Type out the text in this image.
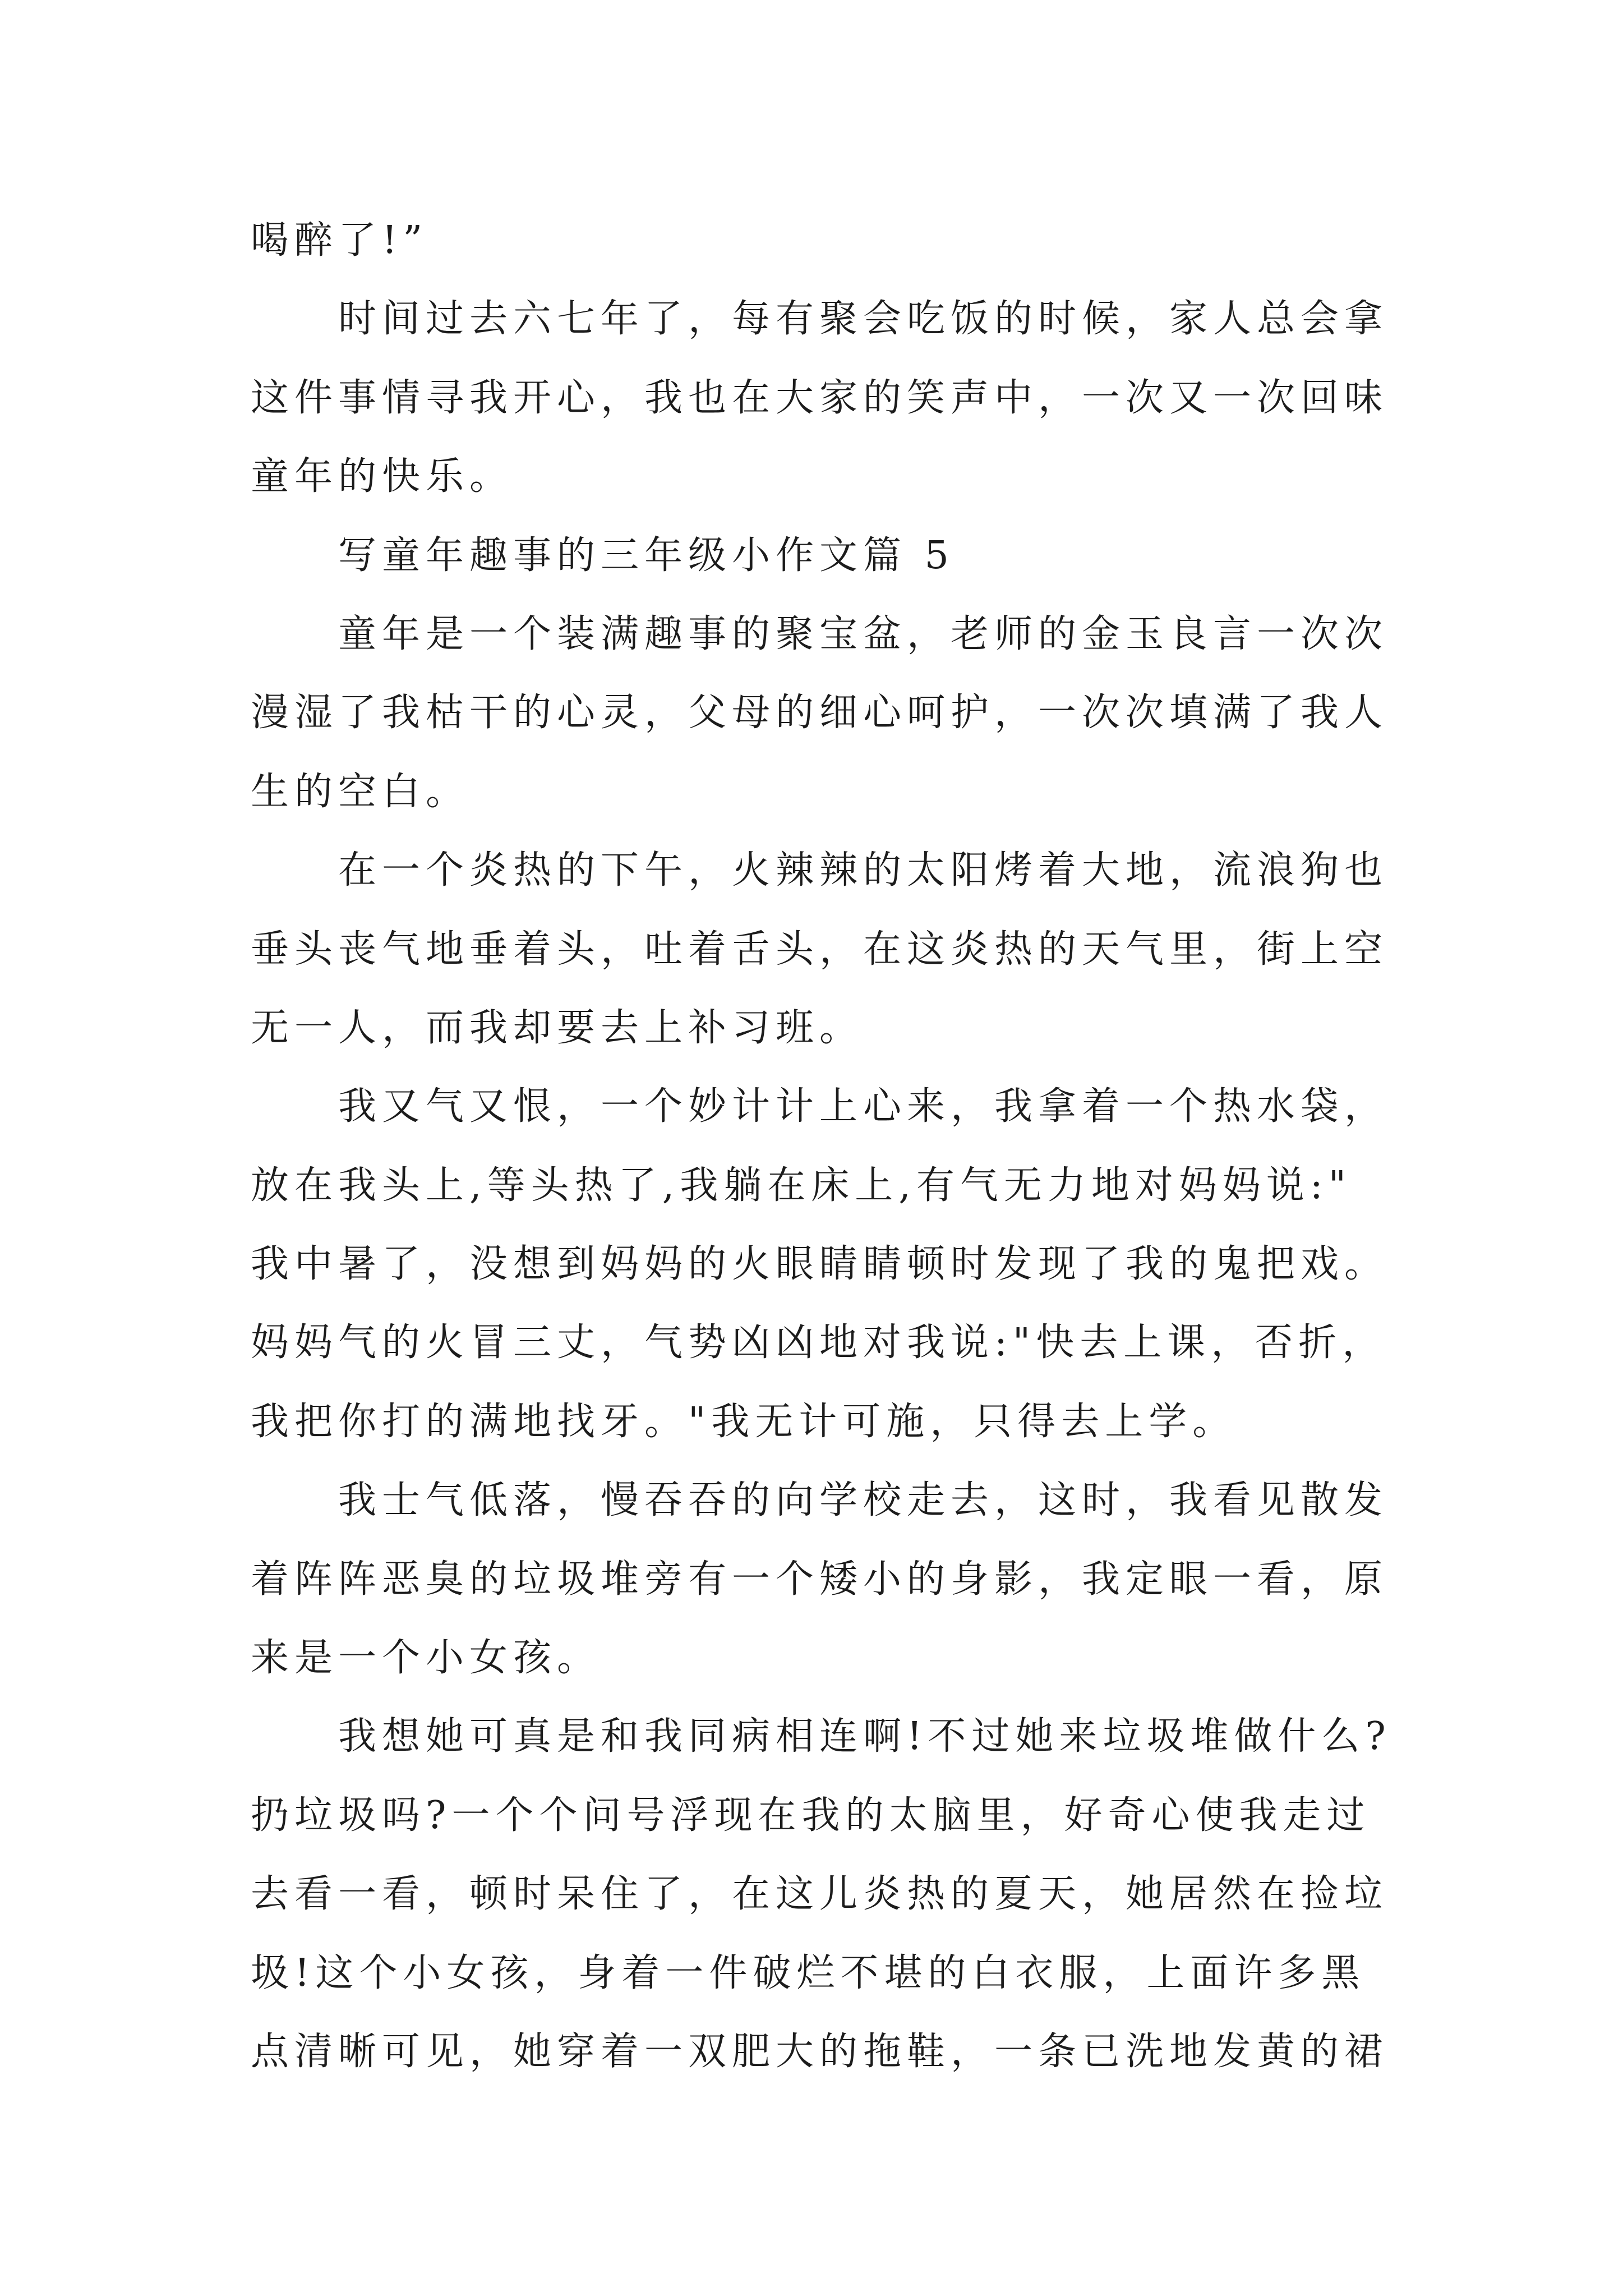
喝醉了!”
时间过去六七年了，每有聚会吃饭的时候，家人总会拿
这件事情寻我开心，我也在大家的笑声中，一次又一次回味
童年的快乐。
写童年趣事的三年级小作文篇 5
童年是一个装满趣事的聚宝盆，老师的金玉良言一次次
漫湿了我枯干的心灵，父母的细心呵护，一次次填满了我人
生的空白。
在一个炎热的下午，火辣辣的太阳烤着大地，流浪狗也
垂头丧气地垂着头，吐着舌头，在这炎热的天气里，街上空
无一人，而我却要去上补习班。
我又气又恨，一个妙计计上心来，我拿着一个热水袋，
放在我头上,等头热了,我躺在床上,有气无力地对妈妈说:"
我中暑了，没想到妈妈的火眼睛睛顿时发现了我的鬼把戏。
妈妈气的火冒三丈，气势凶凶地对我说:"快去上课，否折，
我把你打的满地找牙。"我无计可施，只得去上学。
我士气低落，慢吞吞的向学校走去，这时，我看见散发
着阵阵恶臭的垃圾堆旁有一个矮小的身影，我定眼一看，原
来是一个小女孩。
我想她可真是和我同病相连啊!不过她来垃圾堆做什么?
扔垃圾吗?一个个问号浮现在我的太脑里，好奇心使我走过
去看一看，顿时呆住了，在这儿炎热的夏天，她居然在捡垃
圾!这个小女孩，身着一件破烂不堪的白衣服，上面许多黑
点清晰可见，她穿着一双肥大的拖鞋，一条已洗地发黄的裙
